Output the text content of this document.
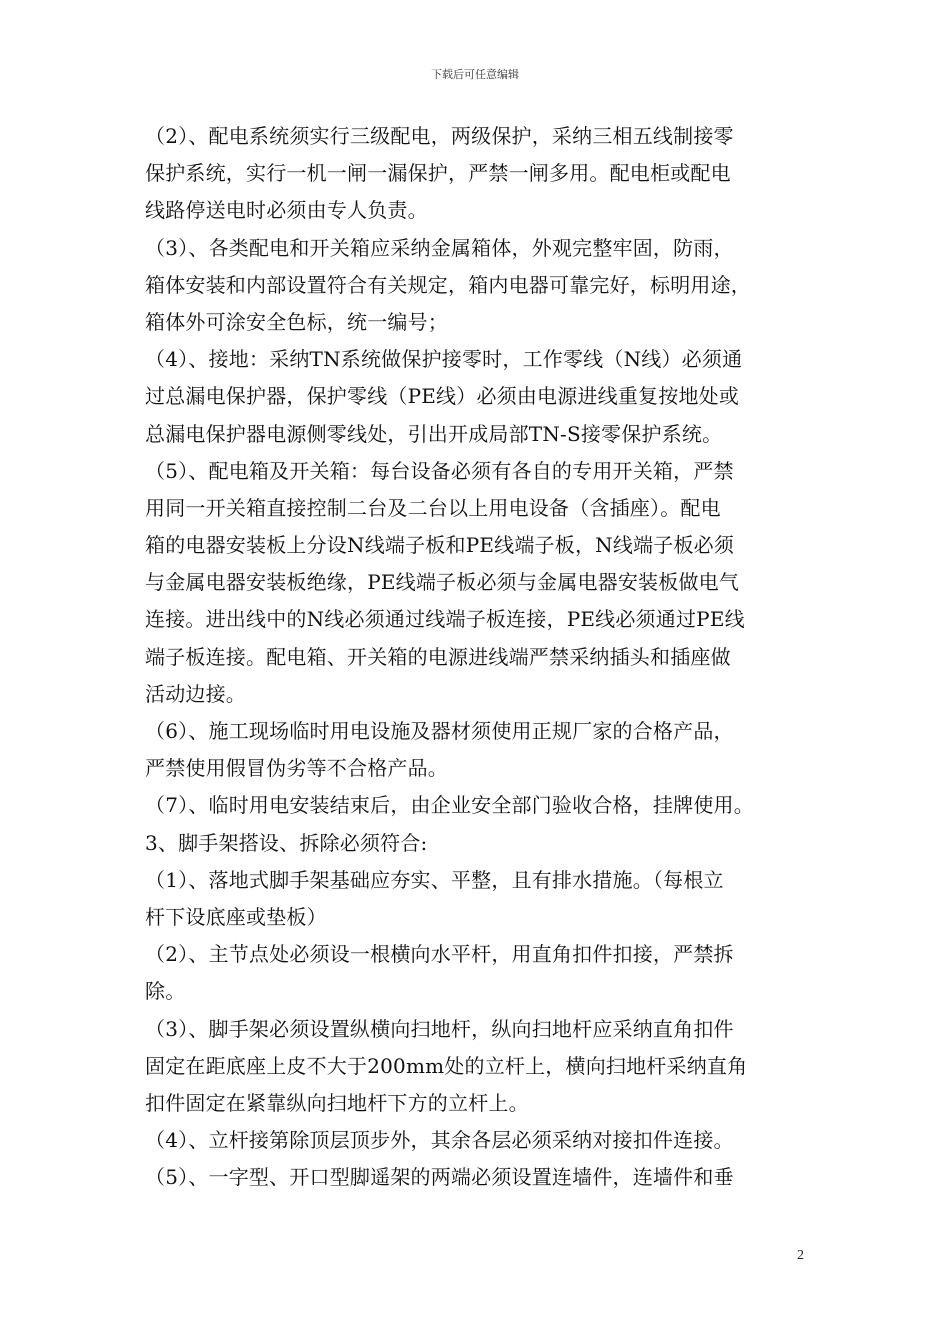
下载后可任意编辑
（2）、配电系统须实行三级配电，两级保护，采纳三相五线制接零
保护系统，实行一机一闸一漏保护，严禁一闸多用。配电柜或配电
线路停送电时必须由专人负责。
（3）、各类配电和开关箱应采纳金属箱体，外观完整牢固，防雨，
箱体安装和内部设置符合有关规定，箱内电器可靠完好，标明用途，
箱体外可涂安全色标，统一编号；
（4）、接地：采纳TN系统做保护接零时，工作零线（N线）必须通
过总漏电保护器，保护零线（PE线）必须由电源进线重复按地处或
总漏电保护器电源侧零线处，引出开成局部TN-S接零保护系统。
（5）、配电箱及开关箱：每台设备必须有各自的专用开关箱，严禁
用同一开关箱直接控制二台及二台以上用电设备（含插座）。配电
箱的电器安装板上分设N线端子板和PE线端子板，N线端子板必须
与金属电器安装板绝缘，PE线端子板必须与金属电器安装板做电气
连接。进出线中的N线必须通过线端子板连接，PE线必须通过PE线
端子板连接。配电箱、开关箱的电源进线端严禁采纳插头和插座做
活动边接。
（6）、施工现场临时用电设施及器材须使用正规厂家的合格产品，
严禁使用假冒伪劣等不合格产品。
（7）、临时用电安装结束后，由企业安全部门验收合格，挂牌使用。
3、脚手架搭设、拆除必须符合:
（1）、落地式脚手架基础应夯实、平整，且有排水措施。（每根立
杆下设底座或垫板）
（2）、主节点处必须设一根横向水平杆，用直角扣件扣接，严禁拆
除。
（3）、脚手架必须设置纵横向扫地杆，纵向扫地杆应采纳直角扣件
固定在距底座上皮不大于200mm处的立杆上，横向扫地杆采纳直角
扣件固定在紧靠纵向扫地杆下方的立杆上。
（4）、立杆接第除顶层顶步外，其余各层必须采纳对接扣件连接。
（5）、一字型、开口型脚遥架的两端必须设置连墙件，连墙件和垂
2
